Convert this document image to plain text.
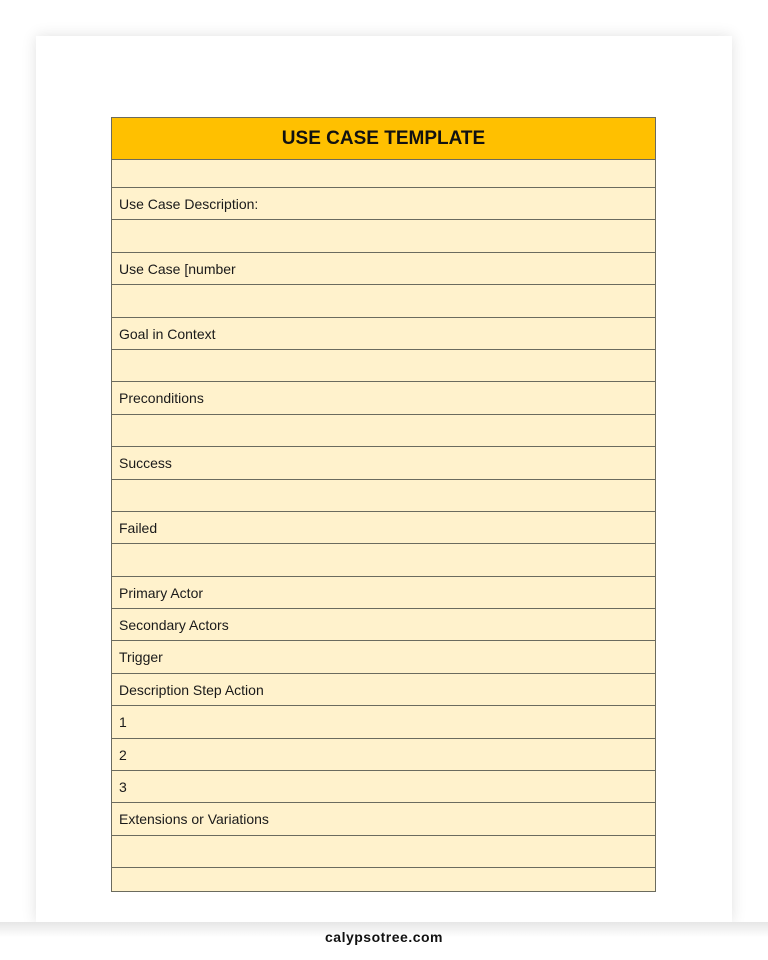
USE CASE TEMPLATE
Use Case Description:
Use Case [number
Goal in Context
Preconditions
Success
Failed
Primary Actor
Secondary Actors
Trigger
Description Step Action
1
2
3
Extensions or Variations
calypsotree.com
